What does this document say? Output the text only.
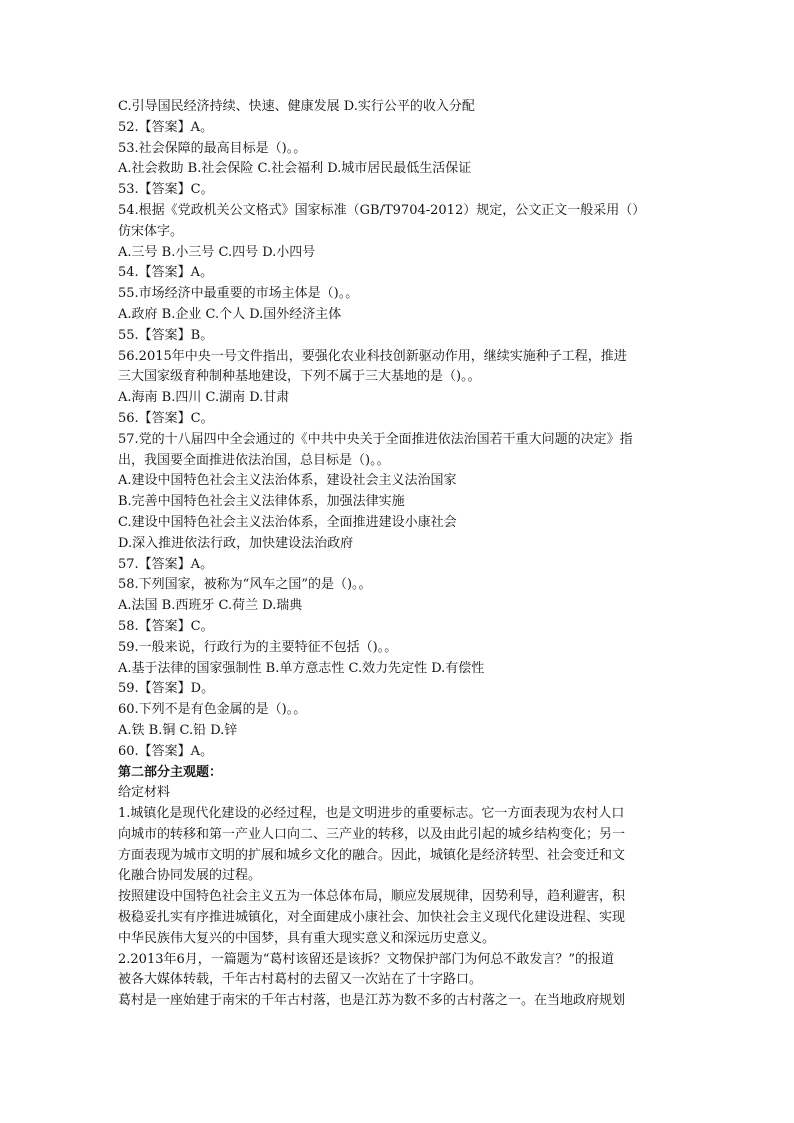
C.引导国民经济持续、快速、健康发展 D.实行公平的收入分配
52.【答案】A。
53.社会保障的最高目标是（)。。
A.社会救助 B.社会保险 C.社会福利 D.城市居民最低生活保证
53.【答案】C。
54.根据《党政机关公文格式》国家标准（GB/T9704-2012）规定，公文正文一般采用（）
仿宋体字。
A.三号 B.小三号 C.四号 D.小四号
54.【答案】A。
55.市场经济中最重要的市场主体是（)。。
A.政府 B.企业 C.个人 D.国外经济主体
55.【答案】B。
56.2015年中央一号文件指出，要强化农业科技创新驱动作用，继续实施种子工程，推进
三大国家级育种制种基地建设，下列不属于三大基地的是（)。。
A.海南 B.四川 C.湖南 D.甘肃
56.【答案】C。
57.党的十八届四中全会通过的《中共中央关于全面推进依法治国若干重大问题的决定》指
出，我国要全面推进依法治国，总目标是（)。。
A.建设中国特色社会主义法治体系，建设社会主义法治国家
B.完善中国特色社会主义法律体系，加强法律实施
C.建设中国特色社会主义法治体系，全面推进建设小康社会
D.深入推进依法行政，加快建设法治政府
57.【答案】A。
58.下列国家，被称为“风车之国”的是（)。。
A.法国 B.西班牙 C.荷兰 D.瑞典
58.【答案】C。
59.一般来说，行政行为的主要特征不包括（)。。
A.基于法律的国家强制性 B.单方意志性 C.效力先定性 D.有偿性
59.【答案】D。
60.下列不是有色金属的是（)。。
A.铁 B.铜 C.铅 D.锌
60.【答案】A。
第二部分主观题：
给定材料
1.城镇化是现代化建设的必经过程，也是文明进步的重要标志。它一方面表现为农村人口
向城市的转移和第一产业人口向二、三产业的转移，以及由此引起的城乡结构变化；另一
方面表现为城市文明的扩展和城乡文化的融合。因此，城镇化是经济转型、社会变迁和文
化融合协同发展的过程。
按照建设中国特色社会主义五为一体总体布局，顺应发展规律，因势利导，趋利避害，积
极稳妥扎实有序推进城镇化，对全面建成小康社会、加快社会主义现代化建设进程、实现
中华民族伟大复兴的中国梦，具有重大现实意义和深远历史意义。
2.2013年6月，一篇题为“葛村该留还是该拆？文物保护部门为何总不敢发言？”的报道
被各大媒体转载，千年古村葛村的去留又一次站在了十字路口。
葛村是一座始建于南宋的千年古村落，也是江苏为数不多的古村落之一。在当地政府规划
